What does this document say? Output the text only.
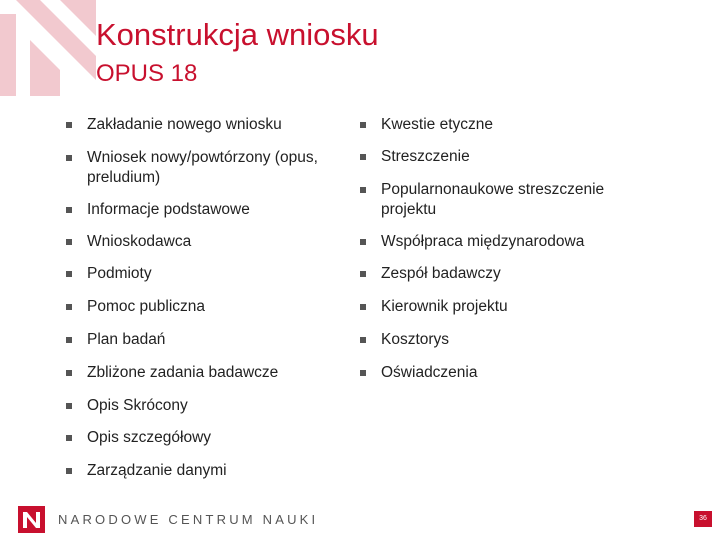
Konstrukcja wniosku
OPUS 18
Zakładanie nowego wniosku
Wniosek nowy/powtórzony (opus, preludium)
Informacje podstawowe
Wnioskodawca
Podmioty
Pomoc publiczna
Plan badań
Zbliżone zadania badawcze
Opis Skrócony
Opis szczegółowy
Zarządzanie danymi
Kwestie etyczne
Streszczenie
Popularnonaukowe streszczenie projektu
Współpraca międzynarodowa
Zespół badawczy
Kierownik projektu
Kosztorys
Oświadczenia
NARODOWE CENTRUM NAUKI	36
